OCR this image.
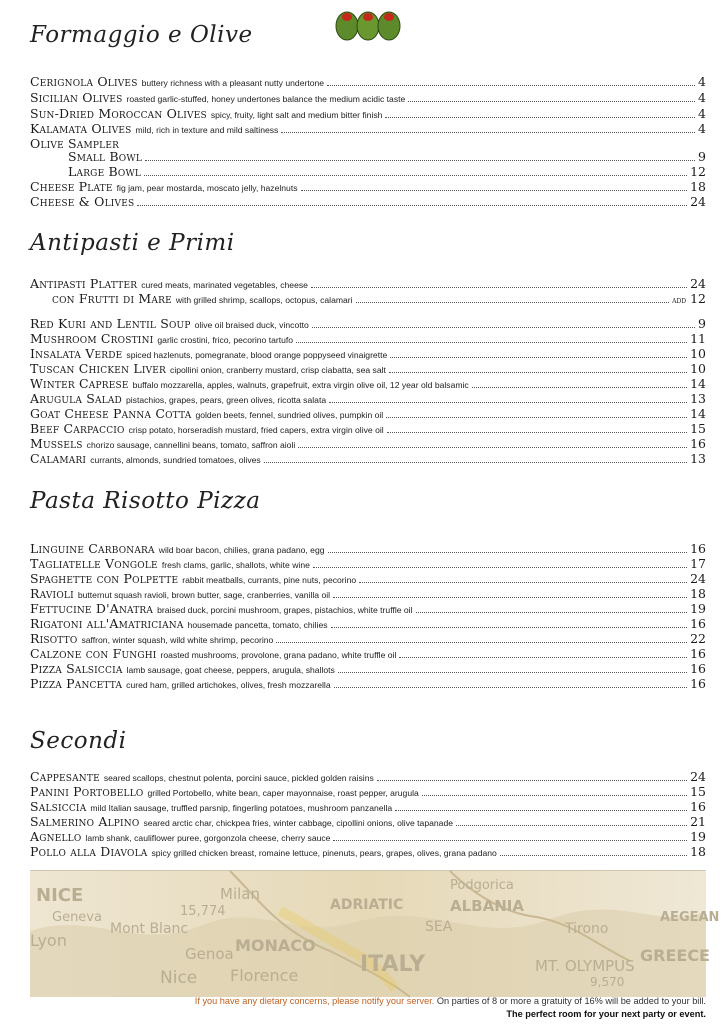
Formaggio e Olive
Cerignola Olives buttery richness with a pleasant nutty undertone	4
Sicilian Olives roasted garlic-stuffed, honey undertones balance the medium acidic taste	4
Sun-Dried Moroccan Olives spicy, fruity, light salt and medium bitter finish	4
Kalamata Olives mild, rich in texture and mild saltiness	4
Olive Sampler
Small Bowl	9
Large Bowl	12
Cheese Plate fig jam, pear mostarda, moscato jelly, hazelnuts	18
Cheese & Olives	24
Antipasti e Primi
Antipasti Platter cured meats, marinated vegetables, cheese	24
con Frutti di Mare with grilled shrimp, scallops, octopus, calamari	add 12
Red Kuri and Lentil Soup olive oil braised duck, vincotto	9
Mushroom Crostini garlic crostini, frico, pecorino tartufo	11
Insalata Verde spiced hazlenuts, pomegranate, blood orange poppyseed vinaigrette	10
Tuscan Chicken Liver cipollini onion, cranberry mustard, crisp ciabatta, sea salt	10
Winter Caprese buffalo mozzarella, apples, walnuts, grapefruit, extra virgin olive oil, 12 year old balsamic	14
Arugula Salad pistachios, grapes, pears, green olives, ricotta salata	13
Goat Cheese Panna Cotta golden beets, fennel, sundried olives, pumpkin oil	14
Beef Carpaccio crisp potato, horseradish mustard, fried capers, extra virgin olive oil	15
Mussels chorizo sausage, cannellini beans, tomato, saffron aioli	16
Calamari currants, almonds, sundried tomatoes, olives	13
Pasta Risotto Pizza
Linguine Carbonara wild boar bacon, chilies, grana padano, egg	16
Tagliatelle Vongole fresh clams, garlic, shallots, white wine	17
Spaghette con Polpette rabbit meatballs, currants, pine nuts, pecorino	24
Ravioli butternut squash ravioli, brown butter, sage, cranberries, vanilla oil	18
Fettucine D'Anatra braised duck, porcini mushroom, grapes, pistachios, white truffle oil	19
Rigatoni all'Amatriciana housemade pancetta, tomato, chilies	16
Risotto saffron, winter squash, wild white shrimp, pecorino	22
Calzone con Funghi roasted mushrooms, provolone, grana padano, white truffle oil	16
Pizza Salsiccia lamb sausage, goat cheese, peppers, arugula, shallots	16
Pizza Pancetta cured ham, grilled artichokes, olives, fresh mozzarella	16
Secondi
Cappesante seared scallops, chestnut polenta, porcini sauce, pickled golden raisins	24
Panini Portobello grilled Portobello, white bean, caper mayonnaise, roast pepper, arugula	15
Salsiccia mild Italian sausage, truffled parsnip, fingerling potatoes, mushroom panzanella	16
Salmerino Alpino seared arctic char, chickpea fries, winter cabbage, cipollini onions, olive tapanade	21
Agnello lamb shank, cauliflower puree, gorgonzola cheese, cherry sauce	19
Pollo alla Diavola spicy grilled chicken breast, romaine lettuce, pinenuts, pears, grapes, olives, grana padano	18
NICE
Geneva
Lyon
Mont Blanc
15,774
Milan
Genoa MONACO
Nice Florence
ADRIATIC
SEA
ALBANIA
Podgorica
Tirono
MT. OLYMPUS
9,570
ITALY	GREECE
AEGEAN
If you have any dietary concerns, please notify your server. On parties of 8 or more a gratuity of 16% will be added to your bill.
The perfect room for your next party or event.
